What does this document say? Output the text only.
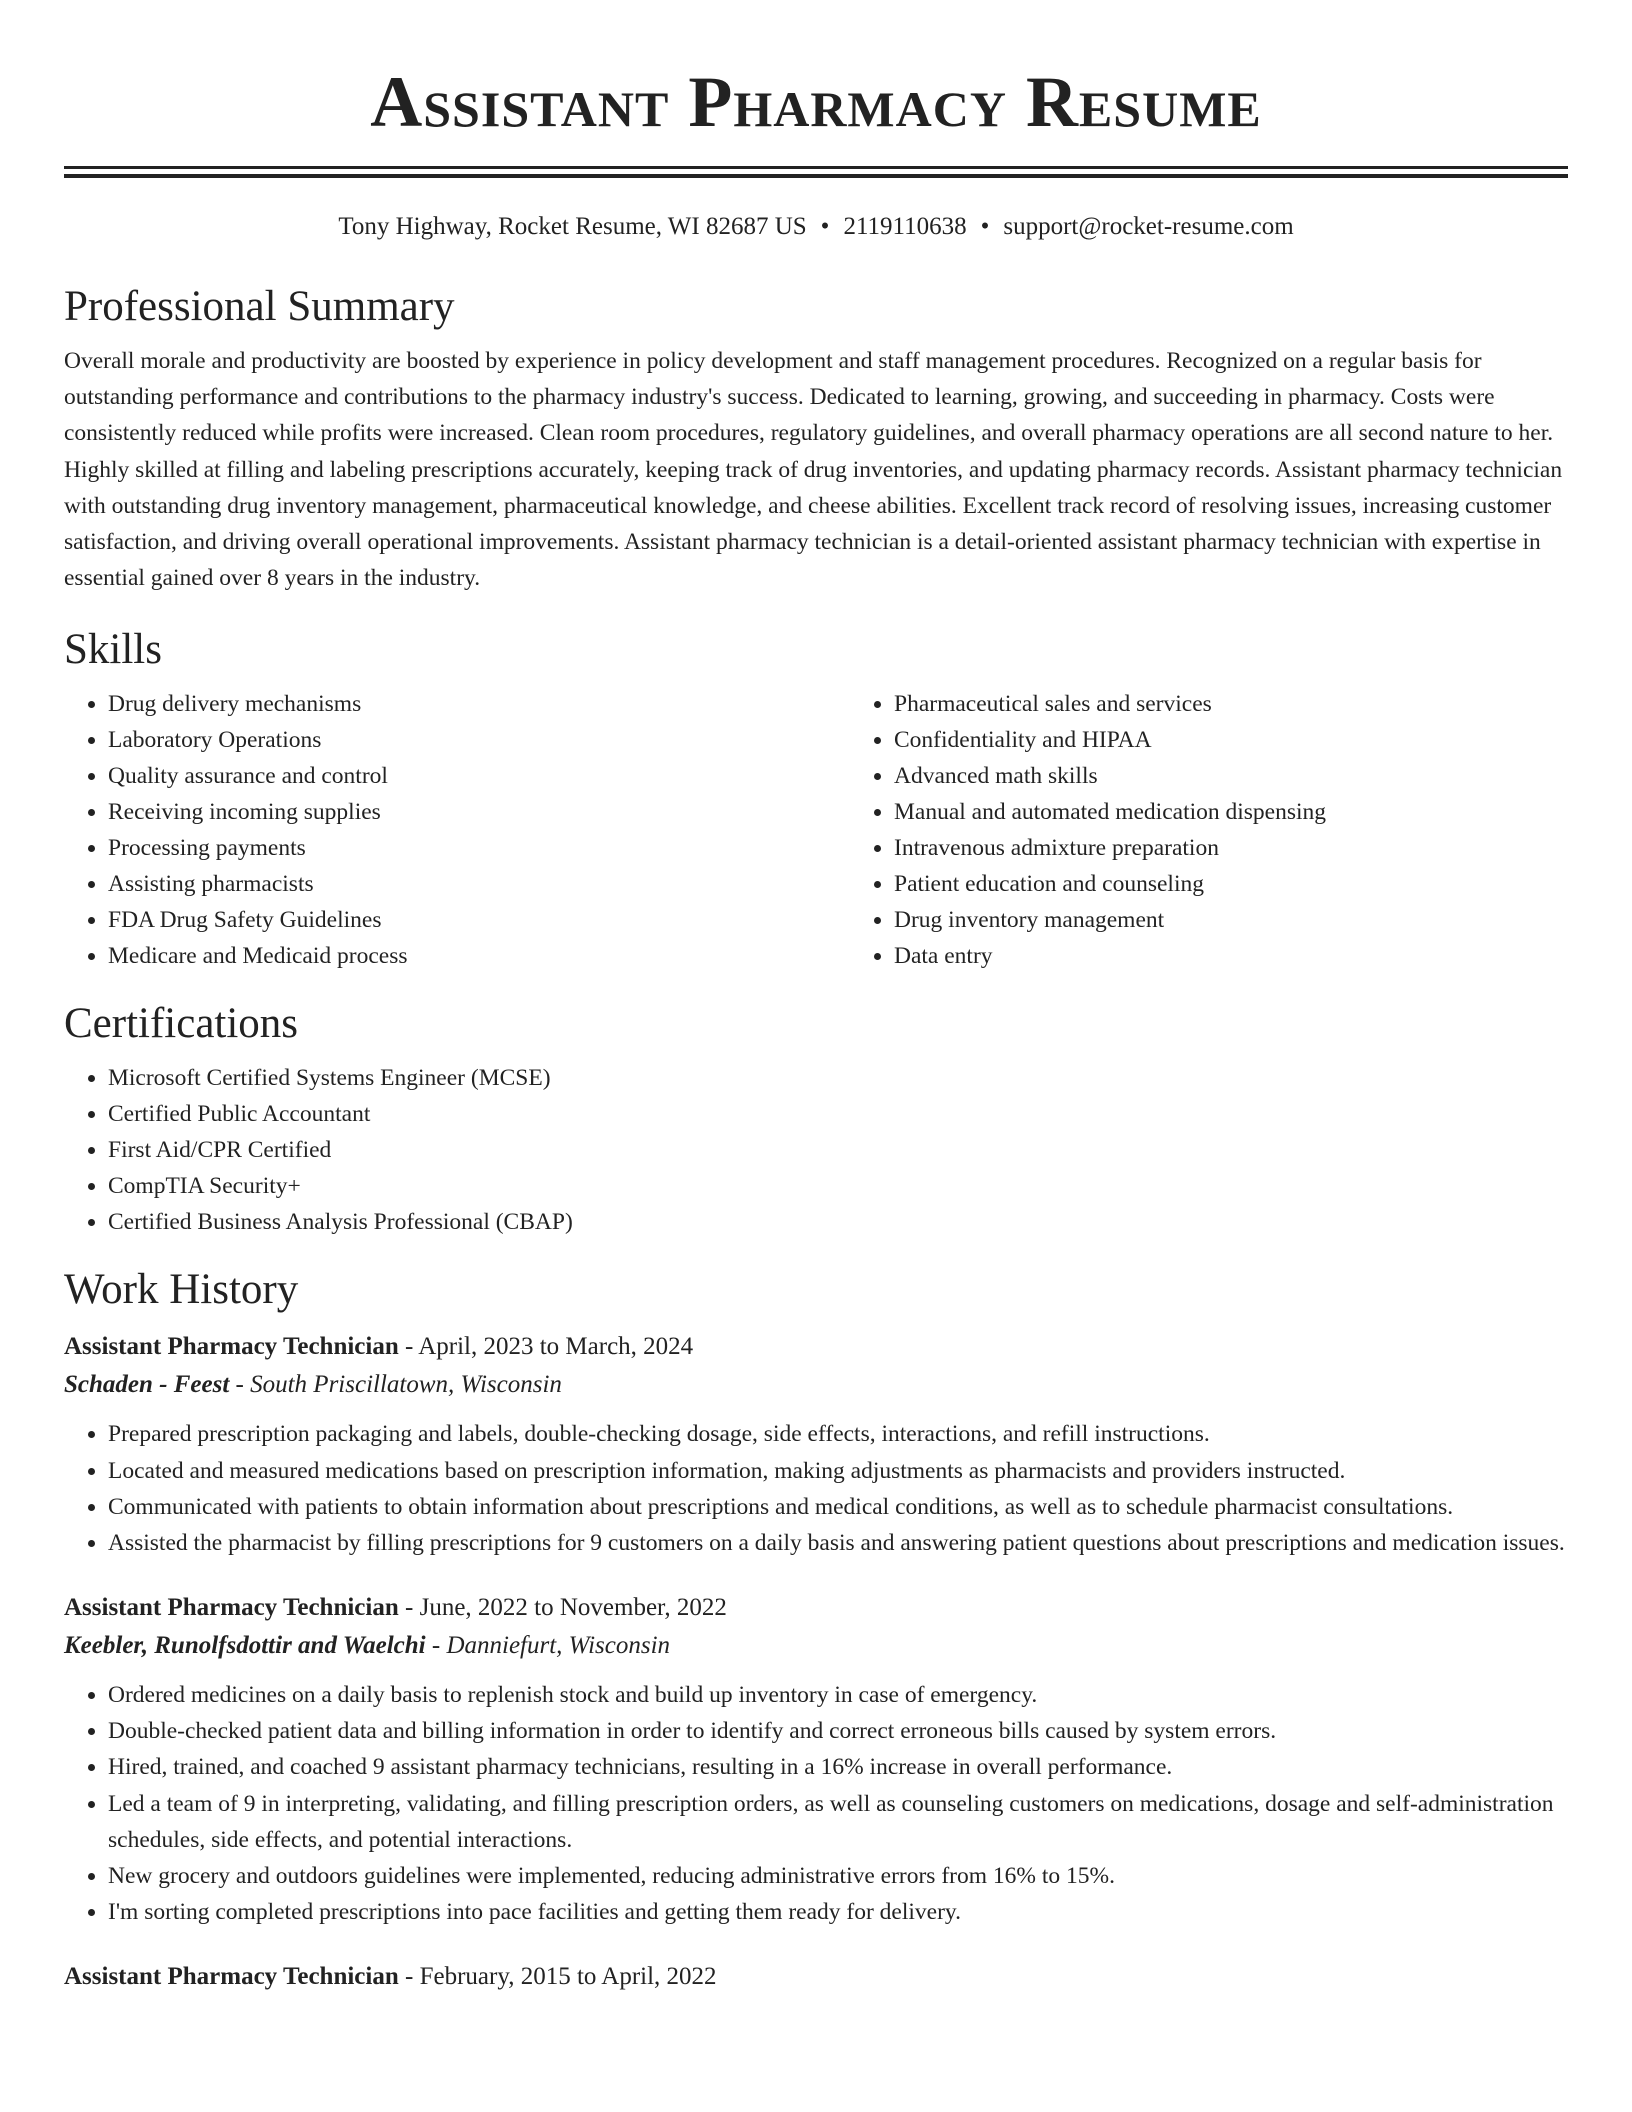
Assistant Pharmacy Resume
Tony Highway, Rocket Resume, WI 82687 US • 2119110638 • support@rocket-resume.com
Professional Summary

Overall morale and productivity are boosted by experience in policy development and staff management procedures. Recognized on a regular basis for outstanding performance and contributions to the pharmacy industry's success. Dedicated to learning, growing, and succeeding in pharmacy. Costs were consistently reduced while profits were increased. Clean room procedures, regulatory guidelines, and overall pharmacy operations are all second nature to her. Highly skilled at filling and labeling prescriptions accurately, keeping track of drug inventories, and updating pharmacy records. Assistant pharmacy technician with outstanding drug inventory management, pharmaceutical knowledge, and cheese abilities. Excellent track record of resolving issues, increasing customer satisfaction, and driving overall operational improvements. Assistant pharmacy technician is a detail-oriented assistant pharmacy technician with expertise in essential gained over 8 years in the industry.

Skills
• Drug delivery mechanisms
• Laboratory Operations
• Quality assurance and control
• Receiving incoming supplies
• Processing payments
• Assisting pharmacists
• FDA Drug Safety Guidelines
• Medicare and Medicaid process
• Pharmaceutical sales and services
• Confidentiality and HIPAA
• Advanced math skills
• Manual and automated medication dispensing
• Intravenous admixture preparation
• Patient education and counseling
• Drug inventory management
• Data entry
Certifications
• Microsoft Certified Systems Engineer (MCSE)
• Certified Public Accountant
• First Aid/CPR Certified
• CompTIA Security+
• Certified Business Analysis Professional (CBAP)
Work History
Assistant Pharmacy Technician - April, 2023 to March, 2024
Schaden - Feest - South Priscillatown, Wisconsin
• Prepared prescription packaging and labels, double-checking dosage, side effects, interactions, and refill instructions.
• Located and measured medications based on prescription information, making adjustments as pharmacists and providers instructed.
• Communicated with patients to obtain information about prescriptions and medical conditions, as well as to schedule pharmacist consultations.
• Assisted the pharmacist by filling prescriptions for 9 customers on a daily basis and answering patient questions about prescriptions and medication issues.
Assistant Pharmacy Technician - June, 2022 to November, 2022
Keebler, Runolfsdottir and Waelchi - Danniefurt, Wisconsin
• Ordered medicines on a daily basis to replenish stock and build up inventory in case of emergency.
• Double-checked patient data and billing information in order to identify and correct erroneous bills caused by system errors.
• Hired, trained, and coached 9 assistant pharmacy technicians, resulting in a 16% increase in overall performance.
• Led a team of 9 in interpreting, validating, and filling prescription orders, as well as counseling customers on medications, dosage and self-administration schedules, side effects, and potential interactions.
• New grocery and outdoors guidelines were implemented, reducing administrative errors from 16% to 15%.
• I'm sorting completed prescriptions into pace facilities and getting them ready for delivery.
Assistant Pharmacy Technician - February, 2015 to April, 2022
